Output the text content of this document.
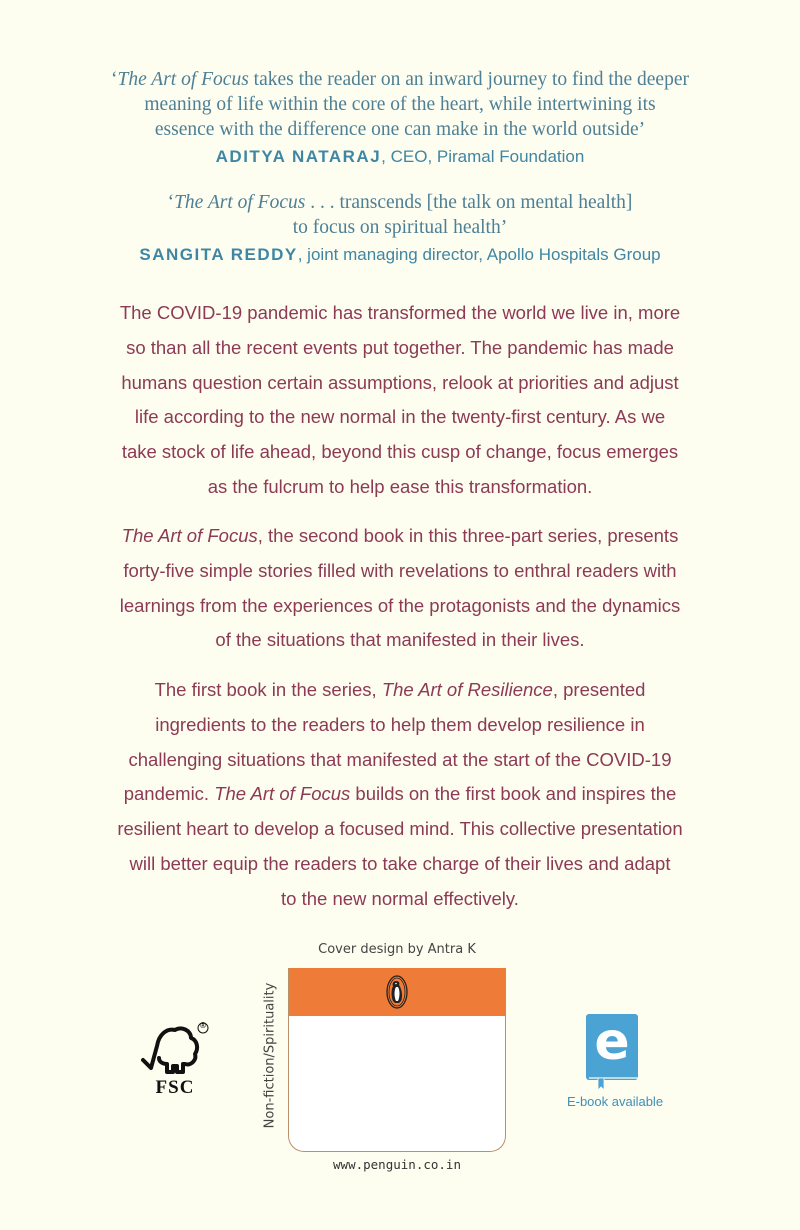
‘The Art of Focus takes the reader on an inward journey to find the deeper
meaning of life within the core of the heart, while intertwining its
essence with the difference one can make in the world outside’
ADITYA NATARAJ, CEO, Piramal Foundation
‘The Art of Focus . . . transcends [the talk on mental health]
to focus on spiritual health’
SANGITA REDDY, joint managing director, Apollo Hospitals Group
The COVID-19 pandemic has transformed the world we live in, more
so than all the recent events put together. The pandemic has made
humans question certain assumptions, relook at priorities and adjust
life according to the new normal in the twenty-first century. As we
take stock of life ahead, beyond this cusp of change, focus emerges
as the fulcrum to help ease this transformation.
The Art of Focus, the second book in this three-part series, presents
forty-five simple stories filled with revelations to enthral readers with
learnings from the experiences of the protagonists and the dynamics
of the situations that manifested in their lives.
The first book in the series, The Art of Resilience, presented
ingredients to the readers to help them develop resilience in
challenging situations that manifested at the start of the COVID-19
pandemic. The Art of Focus builds on the first book and inspires the
resilient heart to develop a focused mind. This collective presentation
will better equip the readers to take charge of their lives and adapt
to the new normal effectively.
®
FSC
Cover design by Antra K
Non-fiction/Spirituality
www.penguin.co.in
e
E-book available
